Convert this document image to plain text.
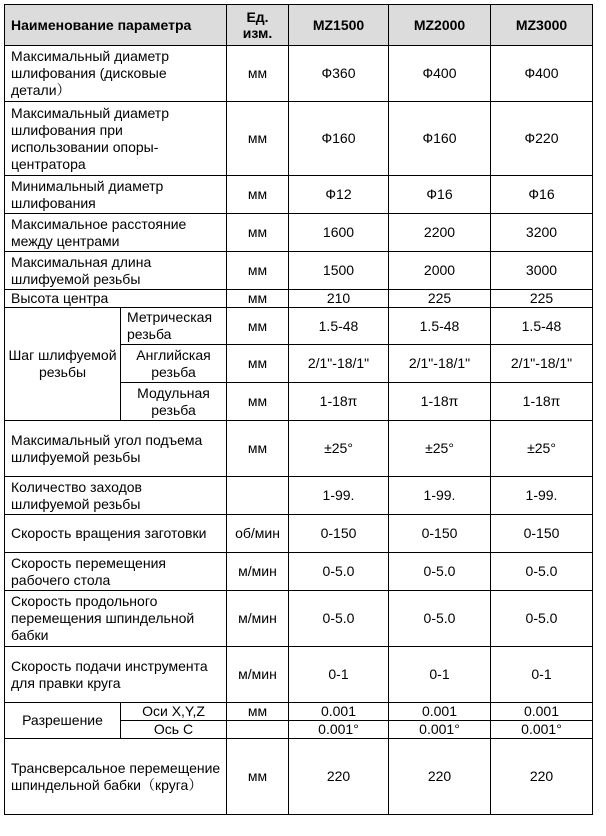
Наименование параметра		Ед. изм.	MZ1500	MZ2000	MZ3000
Максимальный диаметр шлифования (дисковые детали）		мм	Ф360	Ф400	Ф400
Максимальный диаметр шлифования при использовании опоры-центратора		мм	Ф160	Ф160	Ф220
Минимальный диаметр шлифования		мм	Ф12	Ф16	Ф16
Максимальное расстояние между центрами		мм	1600	2200	3200
Максимальная длина шлифуемой резьбы		мм	1500	2000	3000
Высота центра		мм	210	225	225
Шаг шлифуемой резьбы	Метрическая резьба	мм	1.5-48	1.5-48	1.5-48
	Английская резьба	мм	2/1"-18/1"	2/1"-18/1"	2/1"-18/1"
	Модульная резьба	мм	1-18π	1-18π	1-18π
Максимальный угол подъема шлифуемой резьбы		мм	±25°	±25°	±25°
Количество заходов шлифуемой резьбы			1-99.	1-99.	1-99.
Скорость вращения заготовки		об/мин	0-150	0-150	0-150
Скорость перемещения рабочего стола		м/мин	0-5.0	0-5.0	0-5.0
Скорость продольного перемещения шпиндельной бабки		м/мин	0-5.0	0-5.0	0-5.0
Скорость подачи инструмента для правки круга		м/мин	0-1	0-1	0-1
Разрешение	Оси X,Y,Z	мм	0.001	0.001	0.001
	Ось C		0.001°	0.001°	0.001°
Трансверсальное перемещение шпиндельной бабки（круга）		мм	220	220	220
